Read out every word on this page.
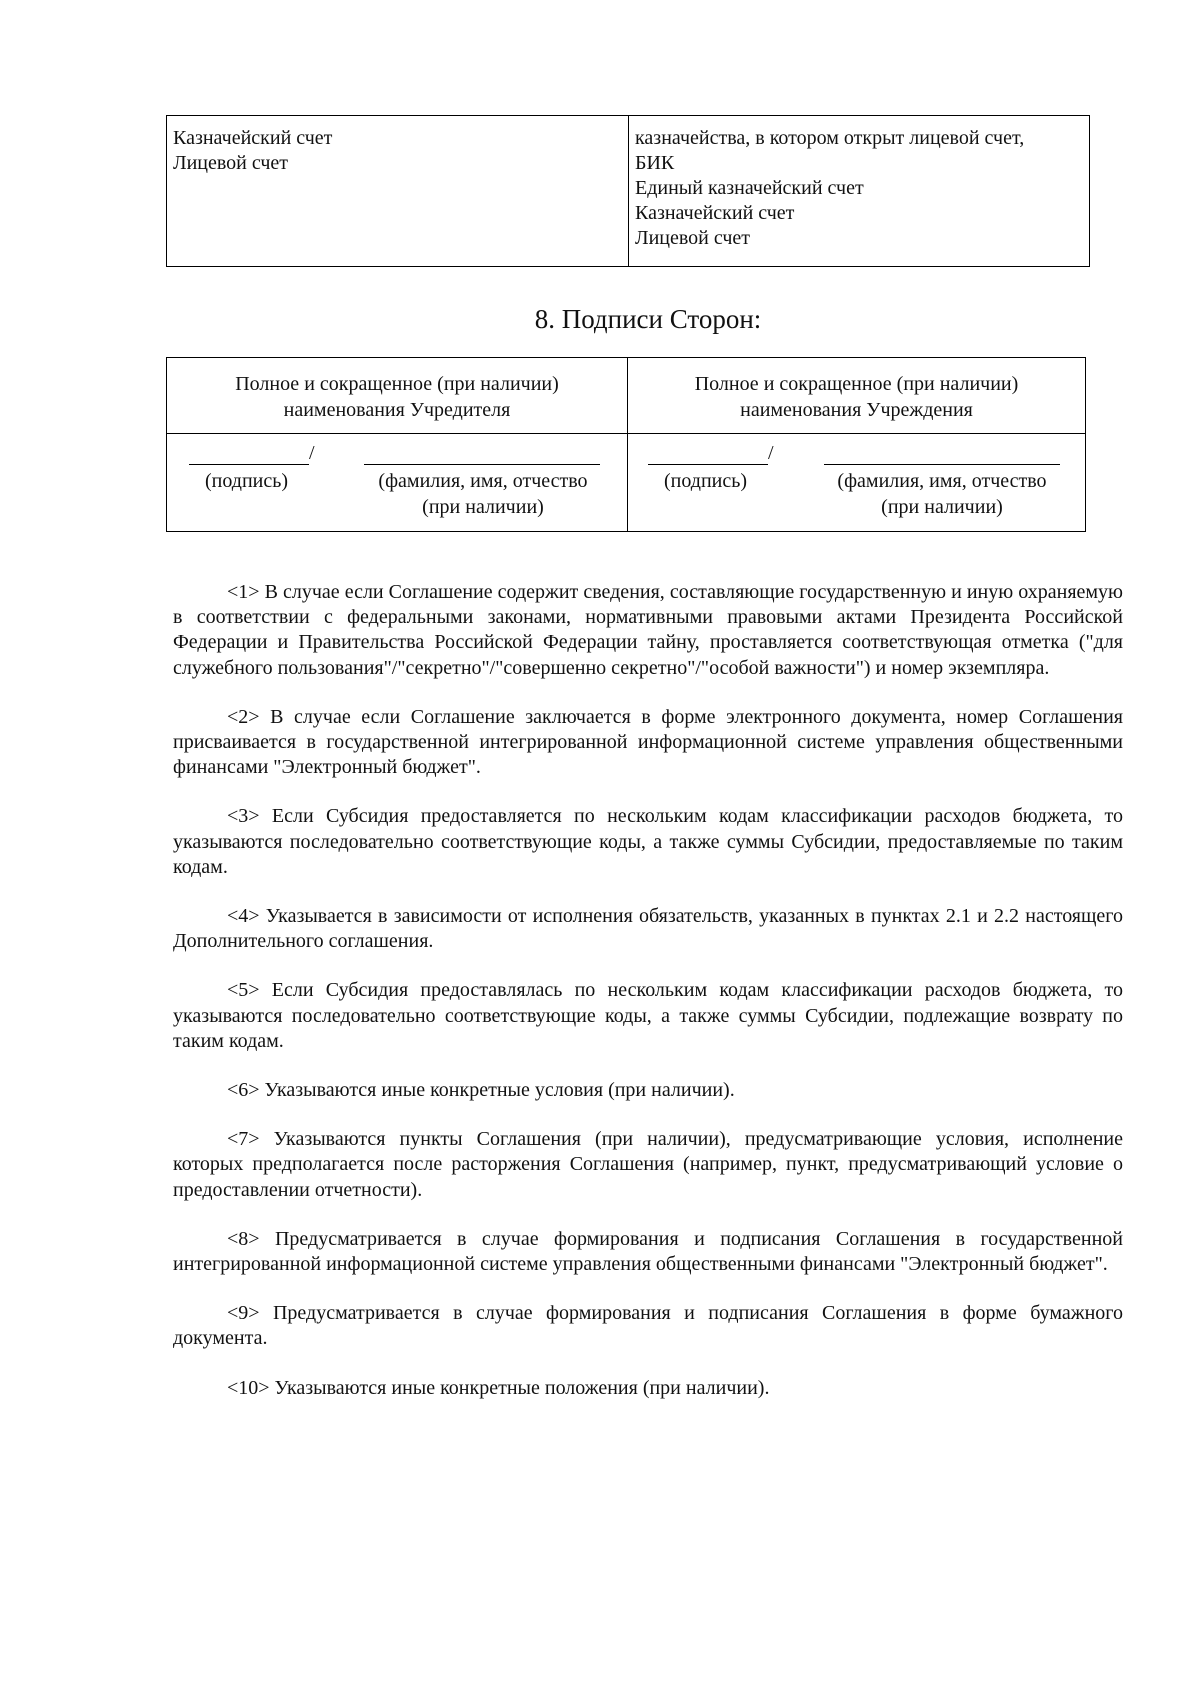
Казначейский счет
Лицевой счет
казначейства, в котором открыт лицевой счет,
БИК
Единый казначейский счет
Казначейский счет
Лицевой счет
8. Подписи Сторон:
Полное и сокращенное (при наличии)
наименования Учредителя
Полное и сокращенное (при наличии)
наименования Учреждения
/
(подпись)	(фамилия, имя, отчество
(при наличии)
/
(подпись)	(фамилия, имя, отчество
(при наличии)

<1> В случае если Соглашение содержит сведения, составляющие государственную и иную охраняемую в соответствии с федеральными законами, нормативными правовыми актами Президента Российской Федерации и Правительства Российской Федерации тайну, проставляется соответствующая отметка ("для служебного пользования"/"секретно"/"совершенно секретно"/"особой важности") и номер экземпляра.

<2> В случае если Соглашение заключается в форме электронного документа, номер Соглашения присваивается в государственной интегрированной информационной системе управления общественными финансами "Электронный бюджет".

<3> Если Субсидия предоставляется по нескольким кодам классификации расходов бюджета, то указываются последовательно соответствующие коды, а также суммы Субсидии, предоставляемые по таким кодам.

<4> Указывается в зависимости от исполнения обязательств, указанных в пунктах 2.1 и 2.2 настоящего Дополнительного соглашения.

<5> Если Субсидия предоставлялась по нескольким кодам классификации расходов бюджета, то указываются последовательно соответствующие коды, а также суммы Субсидии, подлежащие возврату по таким кодам.

<6> Указываются иные конкретные условия (при наличии).

<7> Указываются пункты Соглашения (при наличии), предусматривающие условия, исполнение которых предполагается после расторжения Соглашения (например, пункт, предусматривающий условие о предоставлении отчетности).

<8> Предусматривается в случае формирования и подписания Соглашения в государственной интегрированной информационной системе управления общественными финансами "Электронный бюджет".

<9> Предусматривается в случае формирования и подписания Соглашения в форме бумажного документа.

<10> Указываются иные конкретные положения (при наличии).
